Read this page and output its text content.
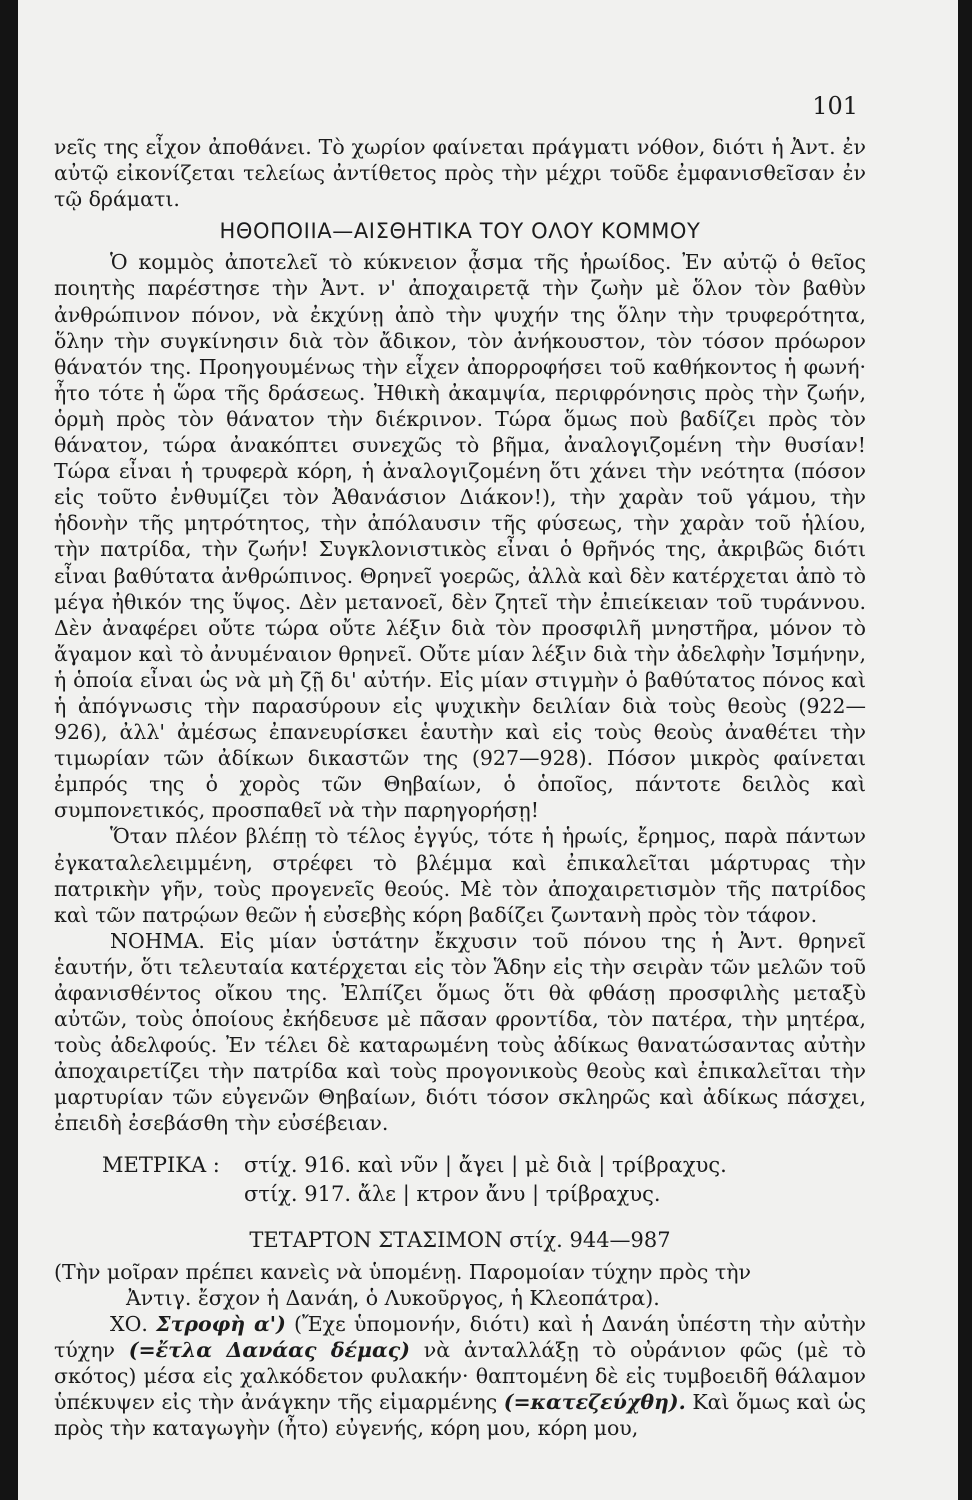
101

νεῖς της εἶχον ἀποθάνει. Τὸ χωρίον φαίνεται πράγματι νόθον, διότι ἡ Ἀντ. ἐν αὐτῷ εἰκονίζεται τελείως ἀντίθετος πρὸς τὴν μέχρι τοῦδε ἐμφανισθεῖσαν ἐν τῷ δράματι.

ΗΘΟΠΟΙΙΑ—ΑΙΣΘΗΤΙΚΑ ΤΟΥ ΟΛΟΥ ΚΟΜΜΟΥ

Ὁ κομμὸς ἀποτελεῖ τὸ κύκνειον ᾆσμα τῆς ἡρωίδος. Ἐν αὐτῷ ὁ θεῖος ποιητὴς παρέστησε τὴν Ἀντ. ν' ἀποχαιρετᾷ τὴν ζωὴν μὲ ὅλον τὸν βαθὺν ἀνθρώπινον πόνον, νὰ ἐκχύνῃ ἀπὸ τὴν ψυχήν της ὅλην τὴν τρυφερότητα, ὅλην τὴν συγκίνησιν διὰ τὸν ἄδικον, τὸν ἀνήκουστον, τὸν τόσον πρόωρον θάνατόν της. Προηγουμένως τὴν εἶχεν ἀπορροφήσει τοῦ καθήκοντος ἡ φωνή· ἦτο τότε ἡ ὥρα τῆς δράσεως. Ἠθικὴ ἀκαμψία, περιφρόνησις πρὸς τὴν ζωήν, ὁρμὴ πρὸς τὸν θάνατον τὴν διέκρινον. Τώρα ὅμως ποὺ βαδίζει πρὸς τὸν θάνατον, τώρα ἀνακόπτει συνεχῶς τὸ βῆμα, ἀναλογιζομένη τὴν θυσίαν! Τώρα εἶναι ἡ τρυφερὰ κόρη, ἡ ἀναλογιζομένη ὅτι χάνει τὴν νεότητα (πόσον εἰς τοῦτο ἐνθυμίζει τὸν Ἀθανάσιον Διάκον!), τὴν χαρὰν τοῦ γάμου, τὴν ἡδονὴν τῆς μητρότητος, τὴν ἀπόλαυσιν τῆς φύσεως, τὴν χαρὰν τοῦ ἡλίου, τὴν πατρίδα, τὴν ζωήν! Συγκλονιστικὸς εἶναι ὁ θρῆνός της, ἀκριβῶς διότι εἶναι βαθύτατα ἀνθρώπινος. Θρηνεῖ γοερῶς, ἀλλὰ καὶ δὲν κατέρχεται ἀπὸ τὸ μέγα ἠθικόν της ὕψος. Δὲν μετανοεῖ, δὲν ζητεῖ τὴν ἐπιείκειαν τοῦ τυράννου. Δὲν ἀναφέρει οὔτε τώρα οὔτε λέξιν διὰ τὸν προσφιλῆ μνηστῆρα, μόνον τὸ ἄγαμον καὶ τὸ ἀνυμέναιον θρηνεῖ. Οὔτε μίαν λέξιν διὰ τὴν ἀδελφὴν Ἰσμήνην, ἡ ὁποία εἶναι ὡς νὰ μὴ ζῇ δι' αὐτήν. Εἰς μίαν στιγμὴν ὁ βαθύτατος πόνος καὶ ἡ ἀπόγνωσις τὴν παρασύρουν εἰς ψυχικὴν δειλίαν διὰ τοὺς θεοὺς (922—926), ἀλλ' ἀμέσως ἐπανευρίσκει ἑαυτὴν καὶ εἰς τοὺς θεοὺς ἀναθέτει τὴν τιμωρίαν τῶν ἀδίκων δικαστῶν της (927—928). Πόσον μικρὸς φαίνεται ἐμπρός της ὁ χορὸς τῶν Θηβαίων, ὁ ὁποῖος, πάντοτε δειλὸς καὶ συμπονετικός, προσπαθεῖ νὰ τὴν παρηγορήσῃ!

Ὅταν πλέον βλέπῃ τὸ τέλος ἐγγύς, τότε ἡ ἡρωίς, ἔρημος, παρὰ πάντων ἐγκαταλελειμμένη, στρέφει τὸ βλέμμα καὶ ἐπικαλεῖται μάρτυρας τὴν πατρικὴν γῆν, τοὺς προγενεῖς θεούς. Μὲ τὸν ἀποχαιρετισμὸν τῆς πατρίδος καὶ τῶν πατρῴων θεῶν ἡ εὐσεβὴς κόρη βαδίζει ζωντανὴ πρὸς τὸν τάφον.

ΝΟΗΜΑ. Εἰς μίαν ὑστάτην ἔκχυσιν τοῦ πόνου της ἡ Ἀντ. θρηνεῖ ἑαυτήν, ὅτι τελευταία κατέρχεται εἰς τὸν Ἅδην εἰς τὴν σειρὰν τῶν μελῶν τοῦ ἀφανισθέντος οἴκου της. Ἐλπίζει ὅμως ὅτι θὰ φθάσῃ προσφιλὴς μεταξὺ αὐτῶν, τοὺς ὁποίους ἐκήδευσε μὲ πᾶσαν φροντίδα, τὸν πατέρα, τὴν μητέρα, τοὺς ἀδελφούς. Ἐν τέλει δὲ καταρωμένη τοὺς ἀδίκως θανατώσαντας αὐτὴν ἀποχαιρετίζει τὴν πατρίδα καὶ τοὺς προγονικοὺς θεοὺς καὶ ἐπικαλεῖται τὴν μαρτυρίαν τῶν εὐγενῶν Θηβαίων, διότι τόσον σκληρῶς καὶ ἀδίκως πάσχει, ἐπειδὴ ἐσεβάσθη τὴν εὐσέβειαν.

ΜΕΤΡΙΚΑ : στίχ. 916. καὶ νῦν | ἄγει | μὲ διὰ | τρίβραχυς.
στίχ. 917. ἄλε | κτρον ἄνυ | τρίβραχυς.
ΤΕΤΑΡΤΟΝ ΣΤΑΣΙΜΟΝ στίχ. 944—987
(Τὴν μοῖραν πρέπει κανεὶς νὰ ὑπομένῃ. Παρομοίαν τύχην πρὸς τὴν
Ἀντιγ. ἔσχον ἡ Δανάη, ὁ Λυκοῦργος, ἡ Κλεοπάτρα).

ΧΟ. Στροφὴ α') (Ἔχε ὑπομονήν, διότι) καὶ ἡ Δανάη ὑπέστη τὴν αὐτὴν τύχην (=ἔτλα Δανάας δέμας) νὰ ἀνταλλάξῃ τὸ οὐράνιον φῶς (μὲ τὸ σκότος) μέσα εἰς χαλκόδετον φυλακήν· θαπτομένη δὲ εἰς τυμβοειδῆ θάλαμον ὑπέκυψεν εἰς τὴν ἀνάγκην τῆς εἱμαρμένης (=κατεζεύχθη). Καὶ ὅμως καὶ ὡς πρὸς τὴν καταγωγὴν (ἦτο) εὐγενής, κόρη μου, κόρη μου,
